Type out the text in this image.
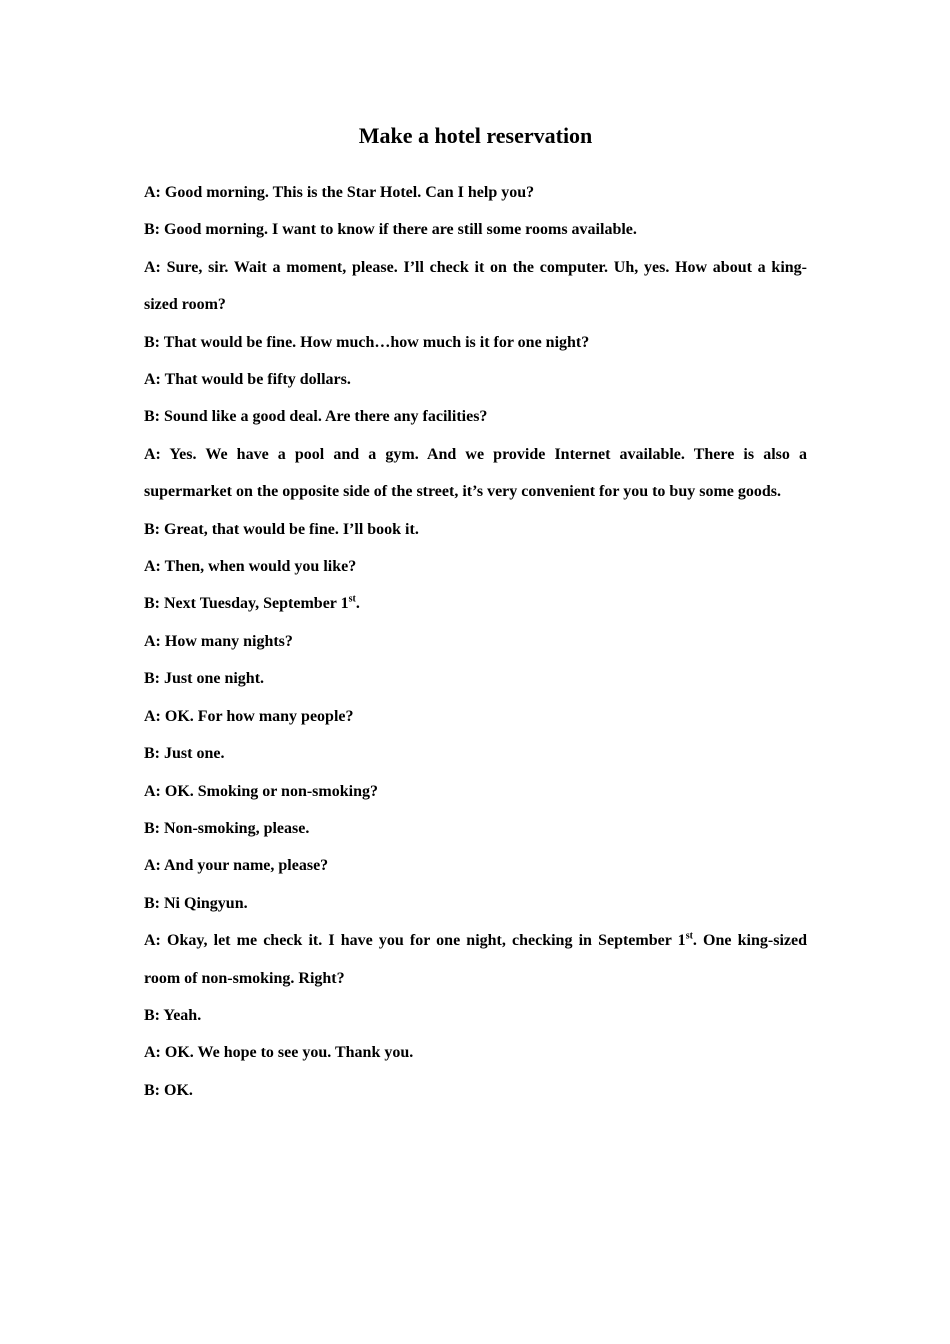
Make a hotel reservation

A: Good morning. This is the Star Hotel. Can I help you?

B: Good morning. I want to know if there are still some rooms available.

A: Sure, sir. Wait a moment, please. I’ll check it on the computer. Uh, yes. How about a king-sized room?

B: That would be fine. How much…how much is it for one night?

A: That would be fifty dollars.

B: Sound like a good deal. Are there any facilities?

A: Yes. We have a pool and a gym. And we provide Internet available. There is also a supermarket on the opposite side of the street, it’s very convenient for you to buy some goods.

B: Great, that would be fine. I’ll book it.

A: Then, when would you like?

B: Next Tuesday, September 1st.

A: How many nights?

B: Just one night.

A: OK. For how many people?

B: Just one.

A: OK. Smoking or non-smoking?

B: Non-smoking, please.

A: And your name, please?

B: Ni Qingyun.

A: Okay, let me check it. I have you for one night, checking in September 1st. One king-sized room of non-smoking. Right?

B: Yeah.

A: OK. We hope to see you. Thank you.

B: OK.
